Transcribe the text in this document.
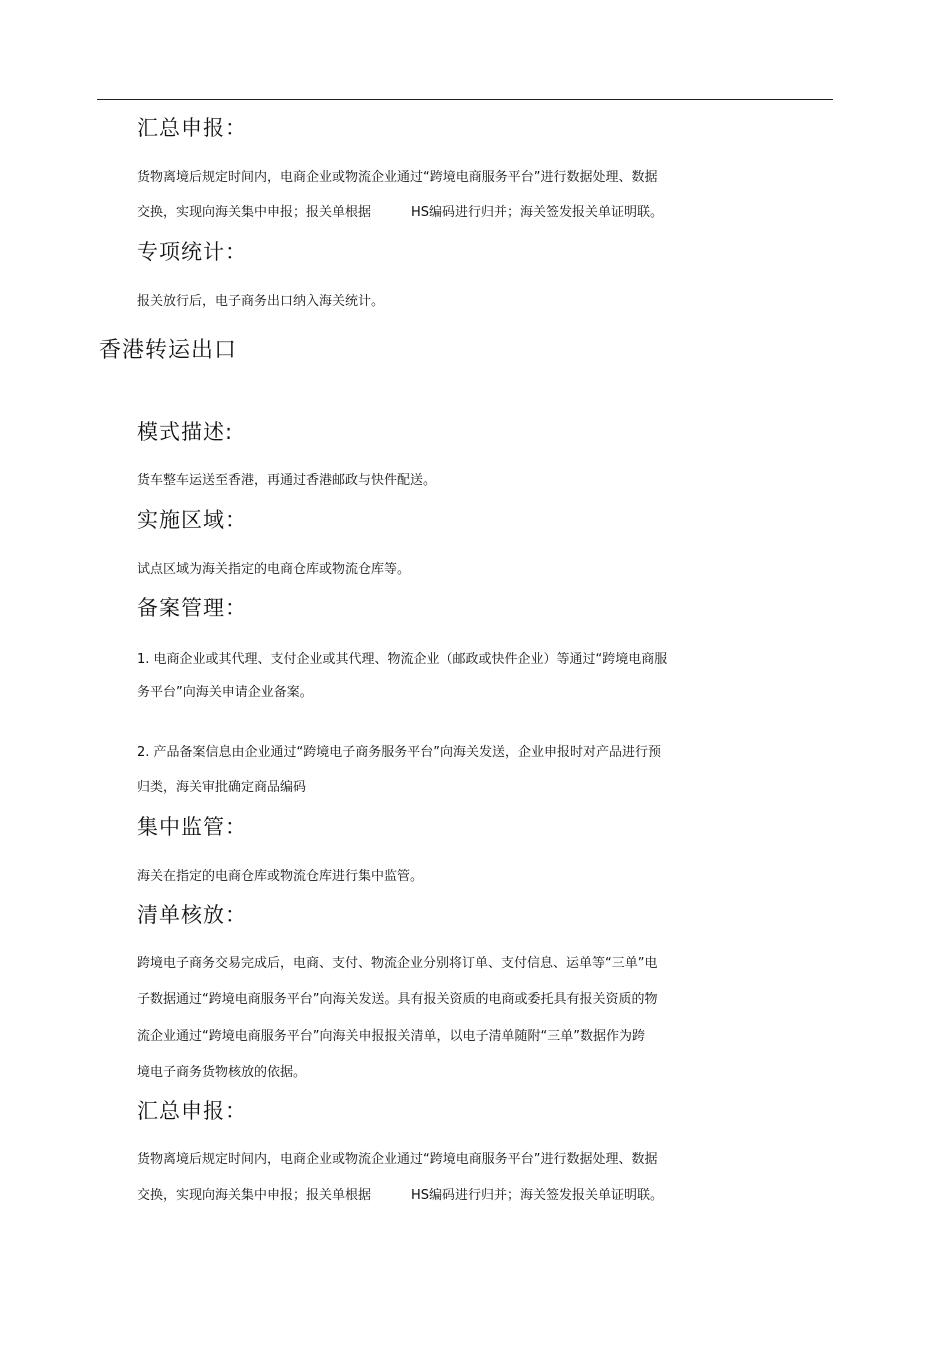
汇总申报：
货物离境后规定时间内，电商企业或物流企业通过“跨境电商服务平台”进行数据处理、数据
交换，实现向海关集中申报；报关单根据	HS编码进行归并；海关签发报关单证明联。
专项统计：
报关放行后，电子商务出口纳入海关统计。
香港转运出口
模式描述:
货车整车运送至香港，再通过香港邮政与快件配送。
实施区域：
试点区域为海关指定的电商仓库或物流仓库等。
备案管理：
1. 电商企业或其代理、支付企业或其代理、物流企业（邮政或快件企业）等通过“跨境电商服
务平台”向海关申请企业备案。
2. 产品备案信息由企业通过“跨境电子商务服务平台”向海关发送，企业申报时对产品进行预
归类，海关审批确定商品编码
集中监管：
海关在指定的电商仓库或物流仓库进行集中监管。
清单核放：
跨境电子商务交易完成后，电商、支付、物流企业分别将订单、支付信息、运单等“三单”电
子数据通过“跨境电商服务平台”向海关发送。具有报关资质的电商或委托具有报关资质的物
流企业通过“跨境电商服务平台”向海关申报报关清单，以电子清单随附“三单”数据作为跨
境电子商务货物核放的依据。
汇总申报：
货物离境后规定时间内，电商企业或物流企业通过“跨境电商服务平台”进行数据处理、数据
交换，实现向海关集中申报；报关单根据	HS编码进行归并；海关签发报关单证明联。
